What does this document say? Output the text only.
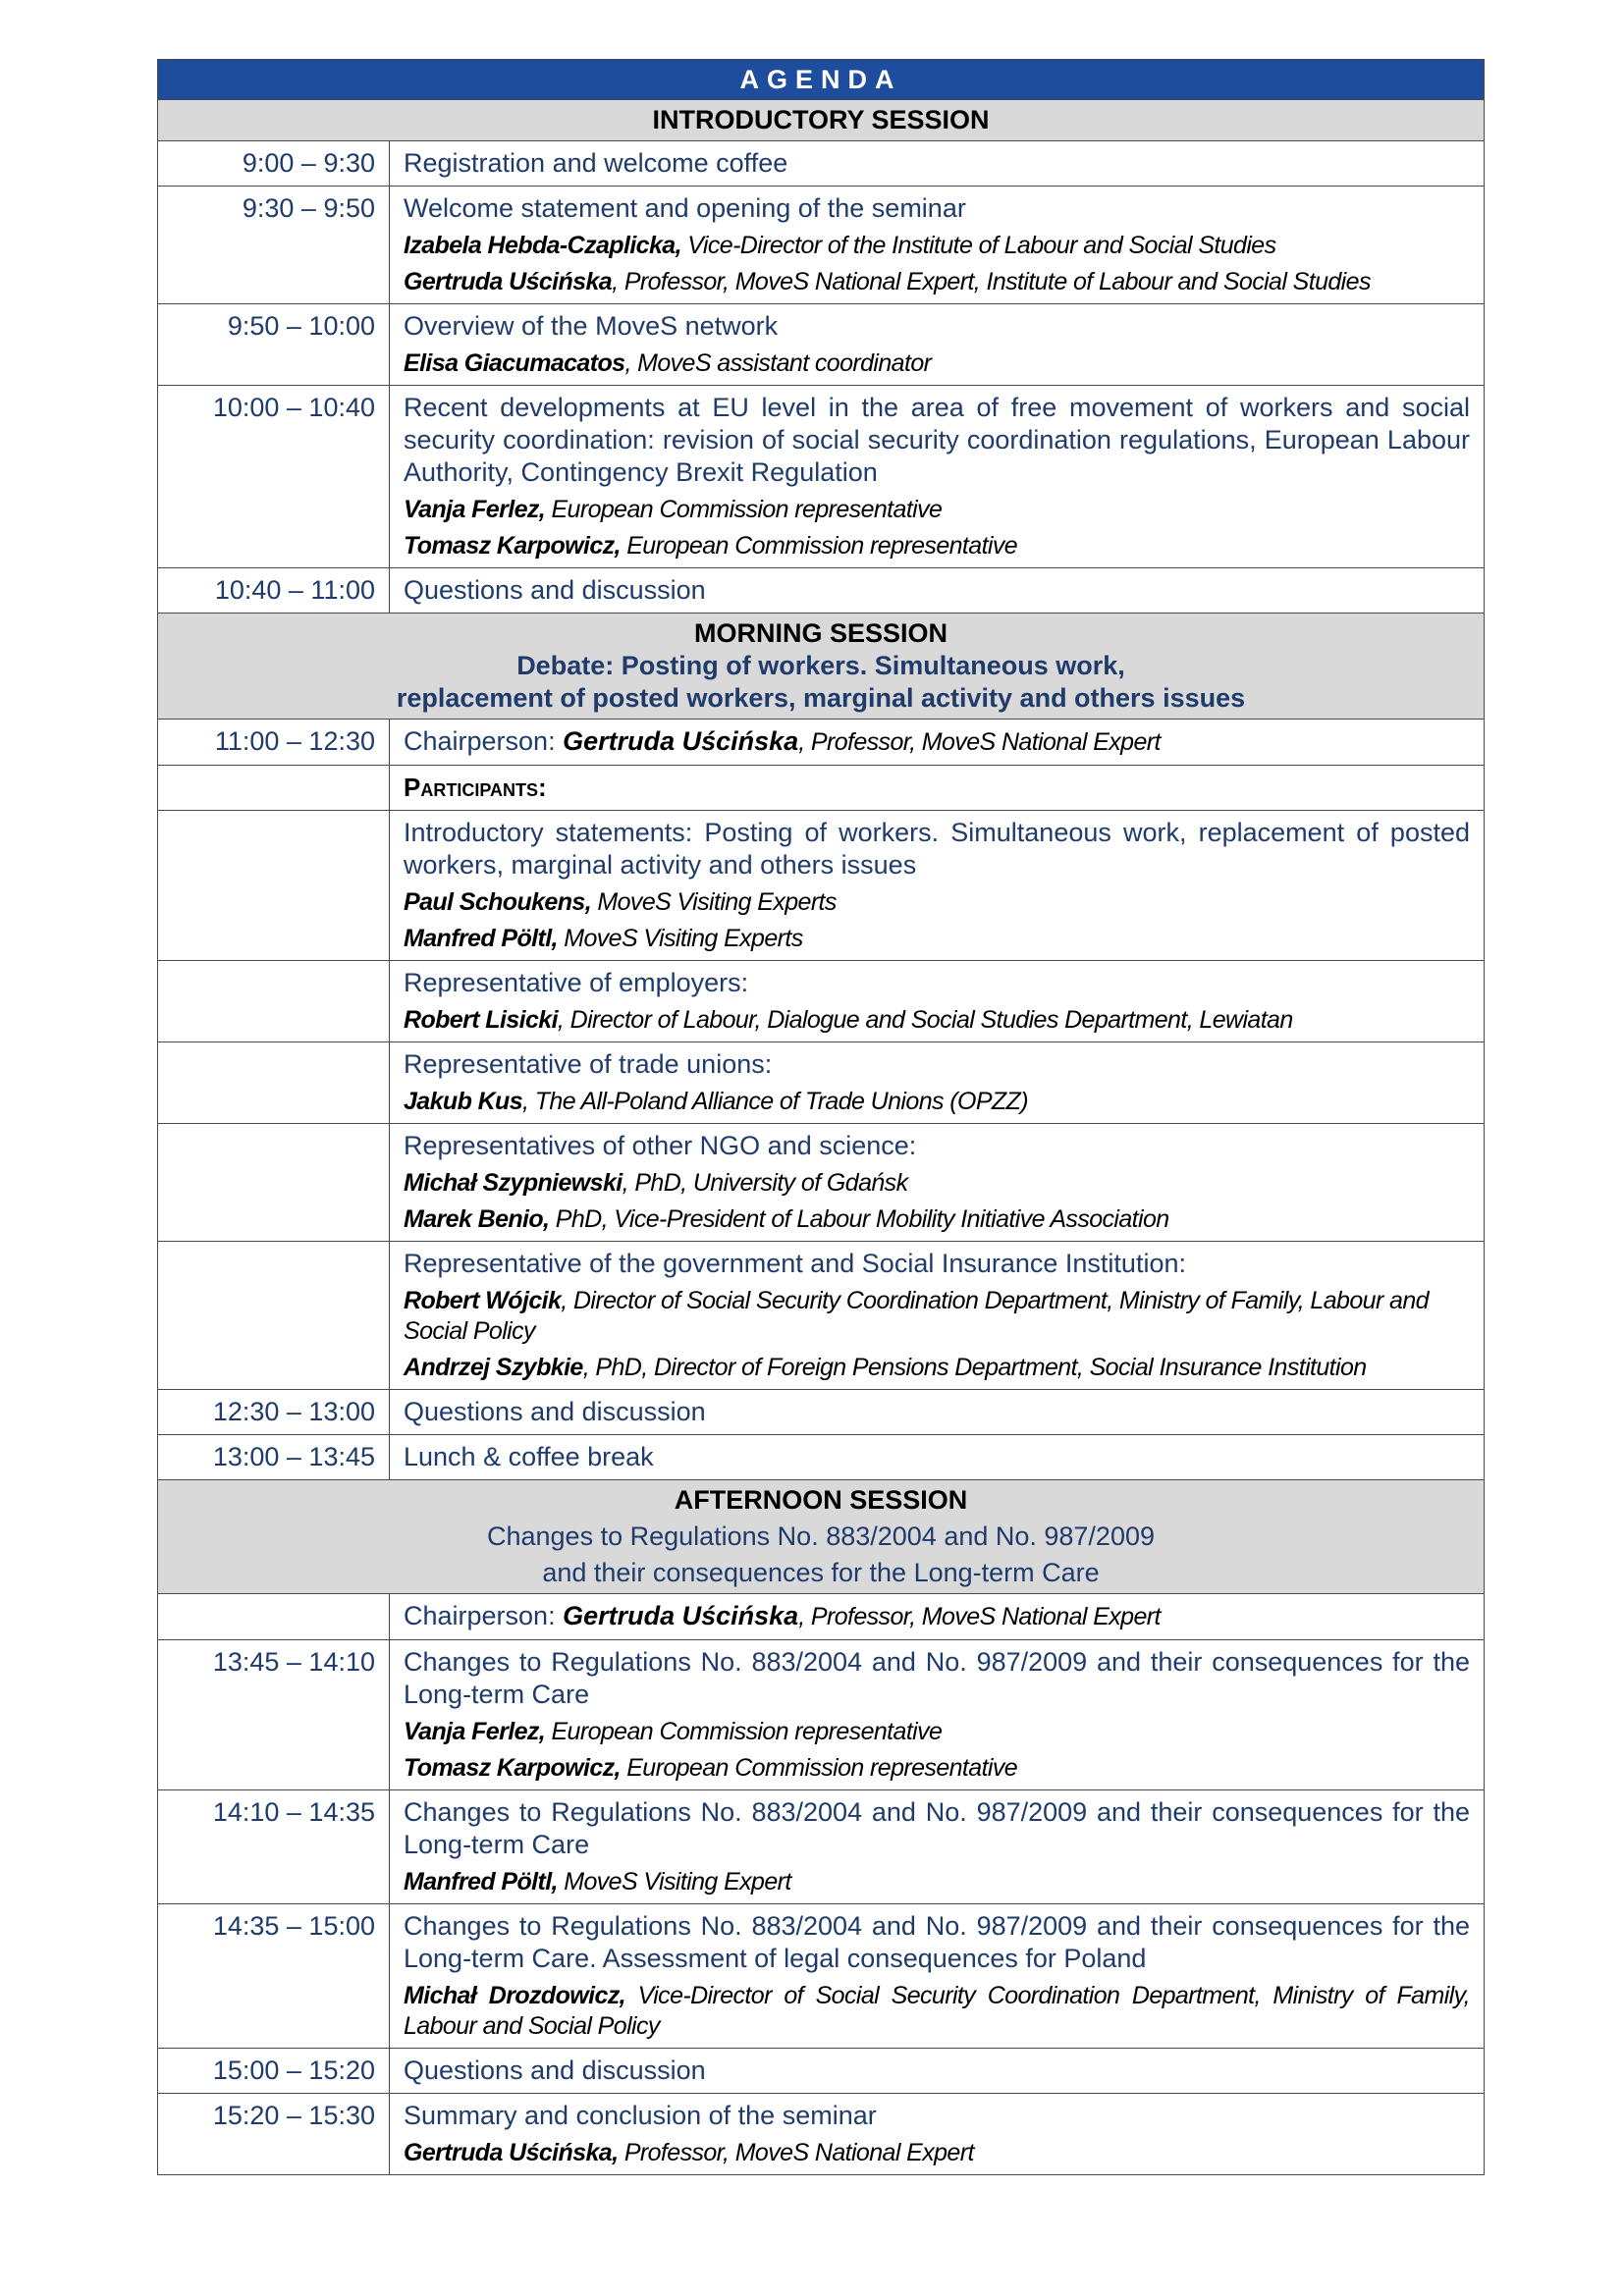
AGENDA	

INTRODUCTORY SESSION	

9:00 – 9:30	Registration and welcome coffee

9:30 – 9:50	Welcome statement and opening of the seminar
Izabela Hebda-Czaplicka, Vice-Director of the Institute of Labour and Social Studies
Gertruda Uścińska, Professor, MoveS National Expert, Institute of Labour and Social Studies

9:50 – 10:00	Overview of the MoveS network
Elisa Giacumacatos, MoveS assistant coordinator

10:00 – 10:40	Recent developments at EU level in the area of free movement of workers and social security coordination: revision of social security coordination regulations, European Labour Authority, Contingency Brexit Regulation
Vanja Ferlez, European Commission representative
Tomasz Karpowicz, European Commission representative

10:40 – 11:00	Questions and discussion

MORNING SESSION
Debate: Posting of workers. Simultaneous work,
replacement of posted workers, marginal activity and others issues	

11:00 – 12:30	Chairperson: Gertruda Uścińska, Professor, MoveS National Expert
	Participants:

	Introductory statements: Posting of workers. Simultaneous work, replacement of posted workers, marginal activity and others issues
Paul Schoukens, MoveS Visiting Experts
Manfred Pöltl, MoveS Visiting Experts

	Representative of employers:
Robert Lisicki, Director of Labour, Dialogue and Social Studies Department, Lewiatan

	Representative of trade unions:
Jakub Kus, The All-Poland Alliance of Trade Unions (OPZZ)

	Representatives of other NGO and science:
Michał Szypniewski, PhD, University of Gdańsk
Marek Benio, PhD, Vice-President of Labour Mobility Initiative Association

	Representative of the government and Social Insurance Institution:
Robert Wójcik, Director of Social Security Coordination Department, Ministry of Family, Labour and Social Policy
Andrzej Szybkie, PhD, Director of Foreign Pensions Department, Social Insurance Institution

12:30 – 13:00	Questions and discussion

13:00 – 13:45	Lunch & coffee break

AFTERNOON SESSION
Changes to Regulations No. 883/2004 and No. 987/2009
and their consequences for the Long-term Care	

	Chairperson: Gertruda Uścińska, Professor, MoveS National Expert
13:45 – 14:10	Changes to Regulations No. 883/2004 and No. 987/2009 and their consequences for the Long-term Care
Vanja Ferlez, European Commission representative
Tomasz Karpowicz, European Commission representative

14:10 – 14:35	Changes to Regulations No. 883/2004 and No. 987/2009 and their consequences for the Long-term Care
Manfred Pöltl, MoveS Visiting Expert

14:35 – 15:00	Changes to Regulations No. 883/2004 and No. 987/2009 and their consequences for the Long-term Care. Assessment of legal consequences for Poland
Michał Drozdowicz, Vice-Director of Social Security Coordination Department, Ministry of Family, Labour and Social Policy

15:00 – 15:20	Questions and discussion

15:20 – 15:30	Summary and conclusion of the seminar
Gertruda Uścińska, Professor, MoveS National Expert
